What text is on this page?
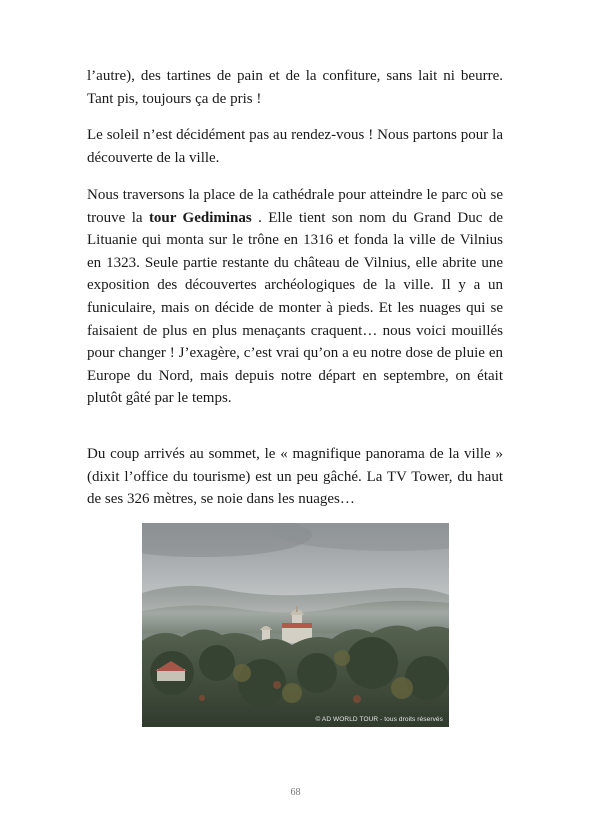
l’autre), des tartines de pain et de la confiture, sans lait ni beurre. Tant pis, toujours ça de pris !

Le soleil n’est décidément pas au rendez-vous ! Nous partons pour la découverte de la ville.

Nous traversons la place de la cathédrale pour atteindre le parc où se trouve la tour Gediminas . Elle tient son nom du Grand Duc de Lituanie qui monta sur le trône en 1316 et fonda la ville de Vilnius en 1323. Seule partie restante du château de Vilnius, elle abrite une exposition des découvertes archéologiques de la ville. Il y a un funiculaire, mais on décide de monter à pieds. Et les nuages qui se faisaient de plus en plus menaçants craquent… nous voici mouillés pour changer ! J’exagère, c’est vrai qu’on a eu notre dose de pluie en Europe du Nord, mais depuis notre départ en septembre, on était plutôt gâté par le temps.

Du coup arrivés au sommet, le « magnifique panorama de la ville » (dixit l’office du tourisme) est un peu gâché. La TV Tower, du haut de ses 326 mètres, se noie dans les nuages…

© AD WORLD TOUR - tous droits réservés
68
